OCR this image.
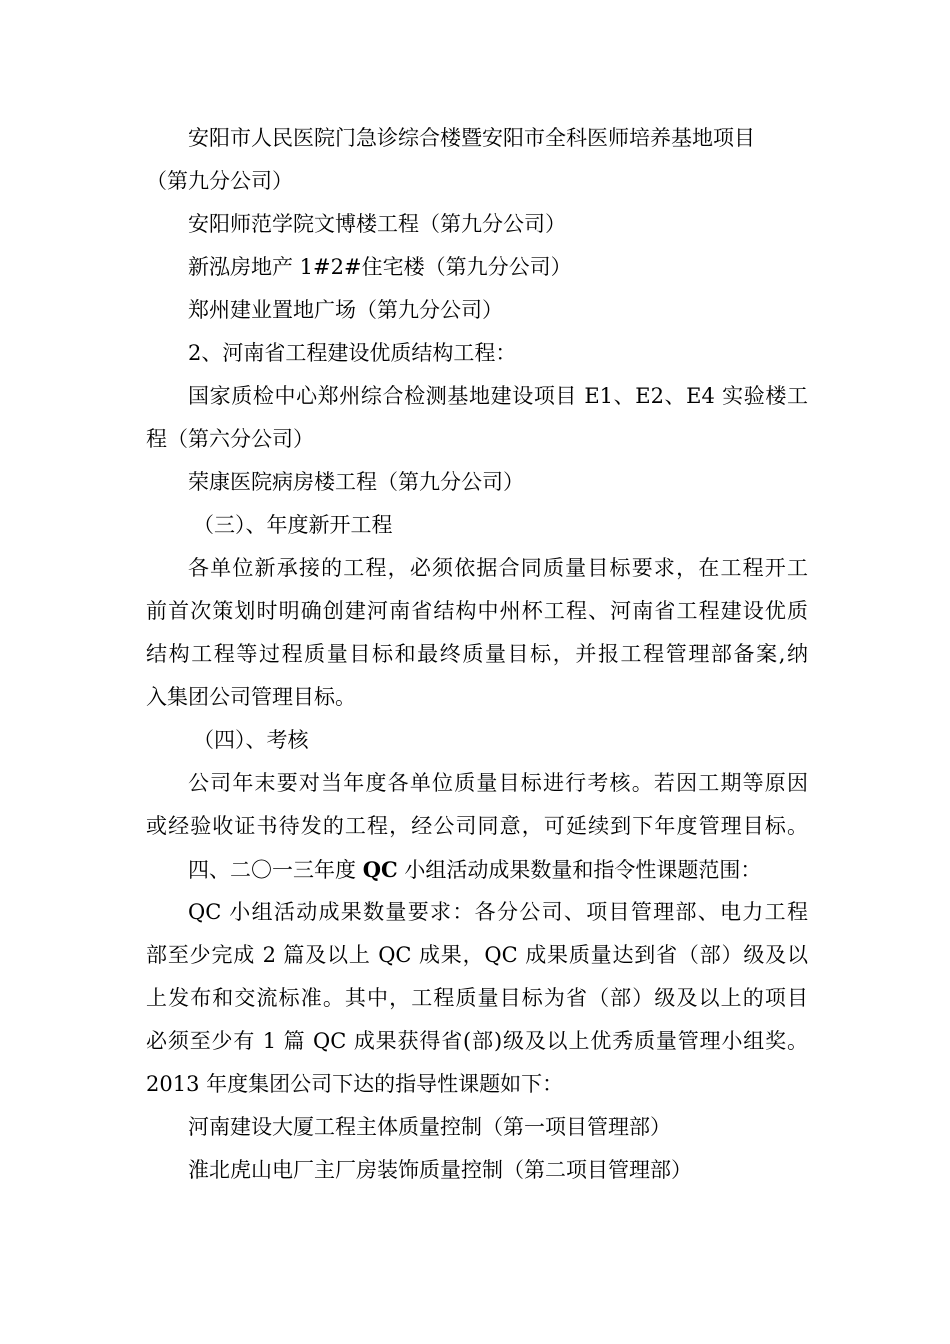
安阳市人民医院门急诊综合楼暨安阳市全科医师培养基地项目
（第九分公司）
安阳师范学院文博楼工程（第九分公司）
新泓房地产 1#2#住宅楼（第九分公司）
郑州建业置地广场（第九分公司）
2、河南省工程建设优质结构工程：
国家质检中心郑州综合检测基地建设项目 E1、E2、E4 实验楼工
程（第六分公司）
荣康医院病房楼工程（第九分公司）
（三）、年度新开工程
各单位新承接的工程，必须依据合同质量目标要求，在工程开工
前首次策划时明确创建河南省结构中州杯工程、河南省工程建设优质
结构工程等过程质量目标和最终质量目标，并报工程管理部备案,纳
入集团公司管理目标。
（四）、考核
公司年末要对当年度各单位质量目标进行考核。若因工期等原因
或经验收证书待发的工程，经公司同意，可延续到下年度管理目标。
四、二〇一三年度 QC 小组活动成果数量和指令性课题范围：
QC 小组活动成果数量要求：各分公司、项目管理部、电力工程
部至少完成 2 篇及以上 QC 成果，QC 成果质量达到省（部）级及以
上发布和交流标准。其中，工程质量目标为省（部）级及以上的项目
必须至少有 1 篇 QC 成果获得省(部)级及以上优秀质量管理小组奖。
2013 年度集团公司下达的指导性课题如下：
河南建设大厦工程主体质量控制（第一项目管理部）
淮北虎山电厂主厂房装饰质量控制（第二项目管理部）
